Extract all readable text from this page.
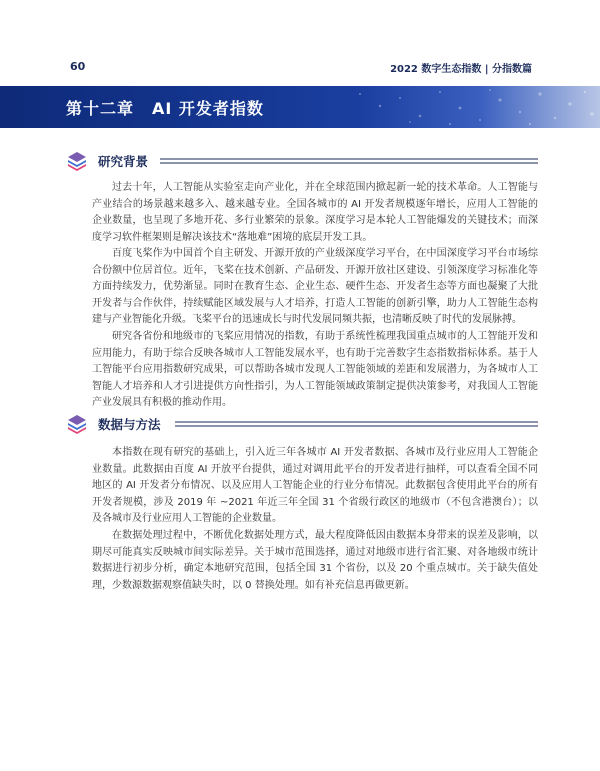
60	2022 数字生态指数 | 分指数篇
第十二章 AI 开发者指数
研究背景

过去十年，人工智能从实验室走向产业化，并在全球范围内掀起新一轮的技术革命。人工智能与产业结合的场景越来越多入、越来越专业。全国各城市的 AI 开发者规模逐年增长，应用人工智能的企业数量，也呈现了多地开花、多行业繁荣的景象。深度学习是本轮人工智能爆发的关键技术；而深度学习软件框架则是解决该技术“落地难”困境的底层开发工具。

百度飞桨作为中国首个自主研发、开源开放的产业级深度学习平台，在中国深度学习平台市场综合份额中位居首位。近年，飞桨在技术创新、产品研发、开源开放社区建设、引领深度学习标准化等方面持续发力，优势渐显。同时在教育生态、企业生态、硬件生态、开发者生态等方面也凝聚了大批开发者与合作伙伴，持续赋能区域发展与人才培养，打造人工智能的创新引擎，助力人工智能生态构建与产业智能化升级。飞桨平台的迅速成长与时代发展同频共振，也清晰反映了时代的发展脉搏。

研究各省份和地级市的飞桨应用情况的指数，有助于系统性梳理我国重点城市的人工智能开发和应用能力，有助于综合反映各城市人工智能发展水平，也有助于完善数字生态指数指标体系。基于人工智能平台应用指数研究成果，可以帮助各城市发现人工智能领域的差距和发展潜力，为各城市人工智能人才培养和人才引进提供方向性指引，为人工智能领域政策制定提供决策参考，对我国人工智能产业发展具有积极的推动作用。

数据与方法

本指数在现有研究的基础上，引入近三年各城市 AI 开发者数据、各城市及行业应用人工智能企业数量。此数据由百度 AI 开放平台提供，通过对调用此平台的开发者进行抽样，可以查看全国不同地区的 AI 开发者分布情况、以及应用人工智能企业的行业分布情况。此数据包含使用此平台的所有开发者规模，涉及 2019 年 ~2021 年近三年全国 31 个省级行政区的地级市（不包含港澳台）；以及各城市及行业应用人工智能的企业数量。

在数据处理过程中，不断优化数据处理方式，最大程度降低因由数据本身带来的误差及影响，以期尽可能真实反映城市间实际差异。关于城市范围选择，通过对地级市进行省汇聚、对各地级市统计数据进行初步分析，确定本地研究范围，包括全国 31 个省份，以及 20 个重点城市。关于缺失值处理，少数源数据观察值缺失时，以 0 替换处理。如有补充信息再做更新。
